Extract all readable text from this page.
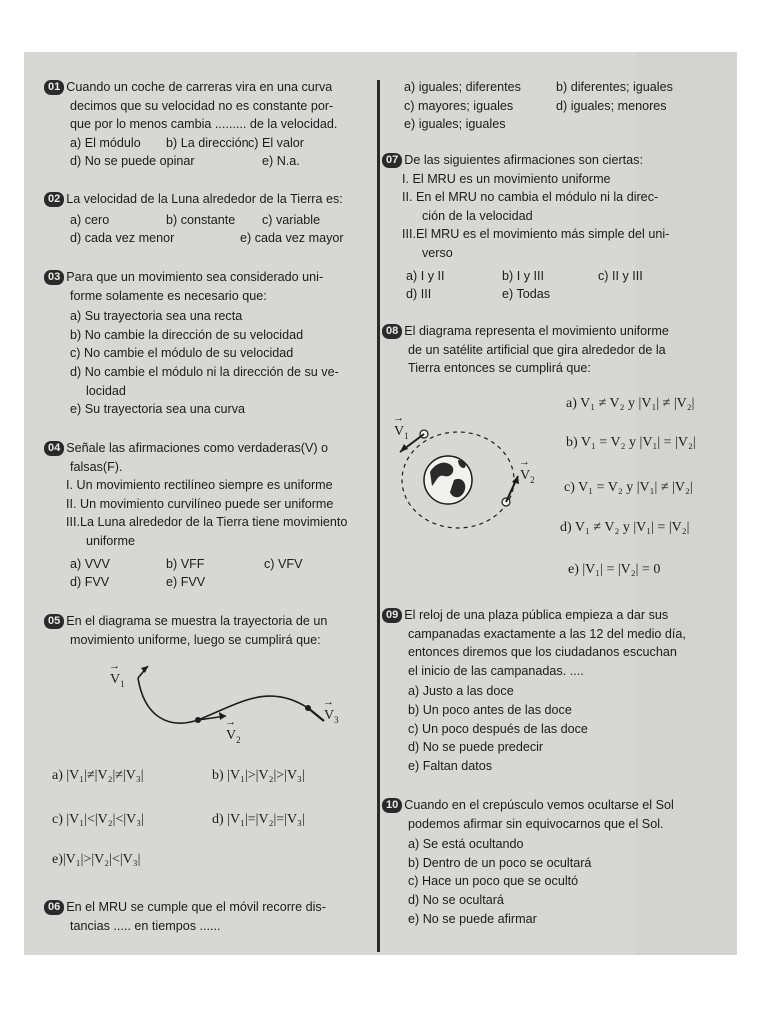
01 Cuando un coche de carreras vira en una curva
decimos que su velocidad no es constante por-
que por lo menos cambia ......... de la velocidad.
a) El módulo	b) La dirección c) El valor
d) No se puede opinar	e) N.a.
02 La velocidad de la Luna alrededor de la Tierra es:
a) cero	b) constante	c) variable
d) cada vez menor	e) cada vez mayor
03 Para que un movimiento sea considerado uni-
forme solamente es necesario que:
a) Su trayectoria sea una recta
b) No cambie la dirección de su velocidad
c) No cambie el módulo de su velocidad
d) No cambie el módulo ni la dirección de su ve-
locidad
e) Su trayectoria sea una curva
04 Señale las afirmaciones como verdaderas(V) o
falsas(F).
I. Un movimiento rectilíneo siempre es uniforme
II. Un movimiento curvilíneo puede ser uniforme
III.La Luna alrededor de la Tierra tiene movimiento
uniforme
a) VVV	b) VFF	c) VFV
d) FVV	e) FVV
05 En el diagrama se muestra la trayectoria de un
movimiento uniforme, luego se cumplirá que:
→ $V_1$
→ $V_2$
→ $V_3$
a) |V₁|≠|V₂|≠|V₃|	b) |V₁|>|V₂|>|V₃|
c) |V₁|<|V₂|<|V₃|	d) |V₁|=|V₂|=|V₃|
e)|V₁|>|V₂|<|V₃|
06 En el MRU se cumple que el móvil recorre dis-
tancias ..... en tiempos ......
a) iguales; diferentes	b) diferentes; iguales
c) mayores; iguales	d) iguales; menores
e) iguales; iguales
07 De las siguientes afirmaciones son ciertas:
I. El MRU es un movimiento uniforme
II. En el MRU no cambia el módulo ni la direc-
ción de la velocidad
III.El MRU es el movimiento más simple del uni-
verso
a) I y II	b) I y III	c) II y III
d) III	e) Todas
08 El diagrama representa el movimiento uniforme
de un satélite artificial que gira alrededor de la
Tierra entonces se cumplirá que:
→ $V_1$
→ $V_2$
a) V₁ ≠ V₂ y |V₁| ≠ |V₂|
b) V₁ = V₂ y |V₁| = |V₂|
c) V₁ = V₂ y |V₁| ≠ |V₂|
d) V₁ ≠ V₂ y |V₁| = |V₂|
e) |V₁| = |V₂| = 0
09 El reloj de una plaza pública empieza a dar sus
campanadas exactamente a las 12 del medio día,
entonces diremos que los ciudadanos escuchan
el inicio de las campanadas. ....
a) Justo a las doce
b) Un poco antes de las doce
c) Un poco después de las doce
d) No se puede predecir
e) Faltan datos
10 Cuando en el crepúsculo vemos ocultarse el Sol
podemos afirmar sin equivocarnos que el Sol.
a) Se está ocultando
b) Dentro de un poco se ocultará
c) Hace un poco que se ocultó
d) No se ocultará
e) No se puede afirmar
